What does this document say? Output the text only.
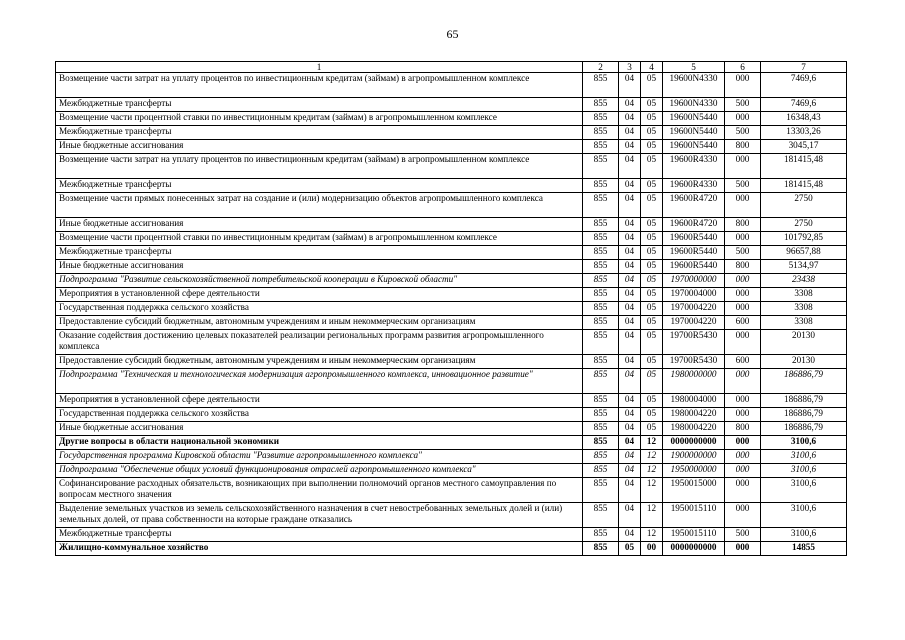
65
1	2	3	4	5	6	7
Возмещение части затрат на уплату процентов по инвестиционным кредитам (займам) в агропромышленном комплексе	855	04	05	19600N4330	000	7469,6
Межбюджетные трансферты	855	04	05	19600N4330	500	7469,6
Возмещение части процентной ставки по инвестиционным кредитам (займам) в агропромышленном комплексе	855	04	05	19600N5440	000	16348,43
Межбюджетные трансферты	855	04	05	19600N5440	500	13303,26
Иные бюджетные ассигнования	855	04	05	19600N5440	800	3045,17
Возмещение части затрат на уплату процентов по инвестиционным кредитам (займам) в агропромышленном комплексе	855	04	05	19600R4330	000	181415,48
Межбюджетные трансферты	855	04	05	19600R4330	500	181415,48
Возмещение части прямых понесенных затрат на создание и (или) модернизацию объектов агропромышленного комплекса	855	04	05	19600R4720	000	2750
Иные бюджетные ассигнования	855	04	05	19600R4720	800	2750
Возмещение части процентной ставки по инвестиционным кредитам (займам) в агропромышленном комплексе	855	04	05	19600R5440	000	101792,85
Межбюджетные трансферты	855	04	05	19600R5440	500	96657,88
Иные бюджетные ассигнования	855	04	05	19600R5440	800	5134,97
Подпрограмма "Развитие сельскохозяйственной потребительской кооперации в Кировской области"	855	04	05	1970000000	000	23438
Мероприятия в установленной сфере деятельности	855	04	05	1970004000	000	3308
Государственная поддержка сельского хозяйства	855	04	05	1970004220	000	3308
Предоставление субсидий бюджетным, автономным учреждениям и иным некоммерческим организациям	855	04	05	1970004220	600	3308
Оказание содействия достижению целевых показателей реализации региональных программ развития агропромышленного комплекса	855	04	05	19700R5430	000	20130
Предоставление субсидий бюджетным, автономным учреждениям и иным некоммерческим организациям	855	04	05	19700R5430	600	20130
Подпрограмма "Техническая и технологическая модернизация агропромышленного комплекса, инновационное развитие"	855	04	05	1980000000	000	186886,79
Мероприятия в установленной сфере деятельности	855	04	05	1980004000	000	186886,79
Государственная поддержка сельского хозяйства	855	04	05	1980004220	000	186886,79
Иные бюджетные ассигнования	855	04	05	1980004220	800	186886,79
Другие вопросы в области национальной экономики	855	04	12	0000000000	000	3100,6
Государственная программа Кировской области "Развитие агропромышленного комплекса"	855	04	12	1900000000	000	3100,6
Подпрограмма "Обеспечение общих условий функционирования отраслей агропромышленного комплекса"	855	04	12	1950000000	000	3100,6
Софинансирование расходных обязательств, возникающих при выполнении полномочий органов местного самоуправления по вопросам местного значения	855	04	12	1950015000	000	3100,6
Выделение земельных участков из земель сельскохозяйственного назначения в счет невостребованных земельных долей и (или) земельных долей, от права собственности на которые граждане отказались	855	04	12	1950015110	000	3100,6
Межбюджетные трансферты	855	04	12	1950015110	500	3100,6
Жилищно-коммунальное хозяйство	855	05	00	0000000000	000	14855
